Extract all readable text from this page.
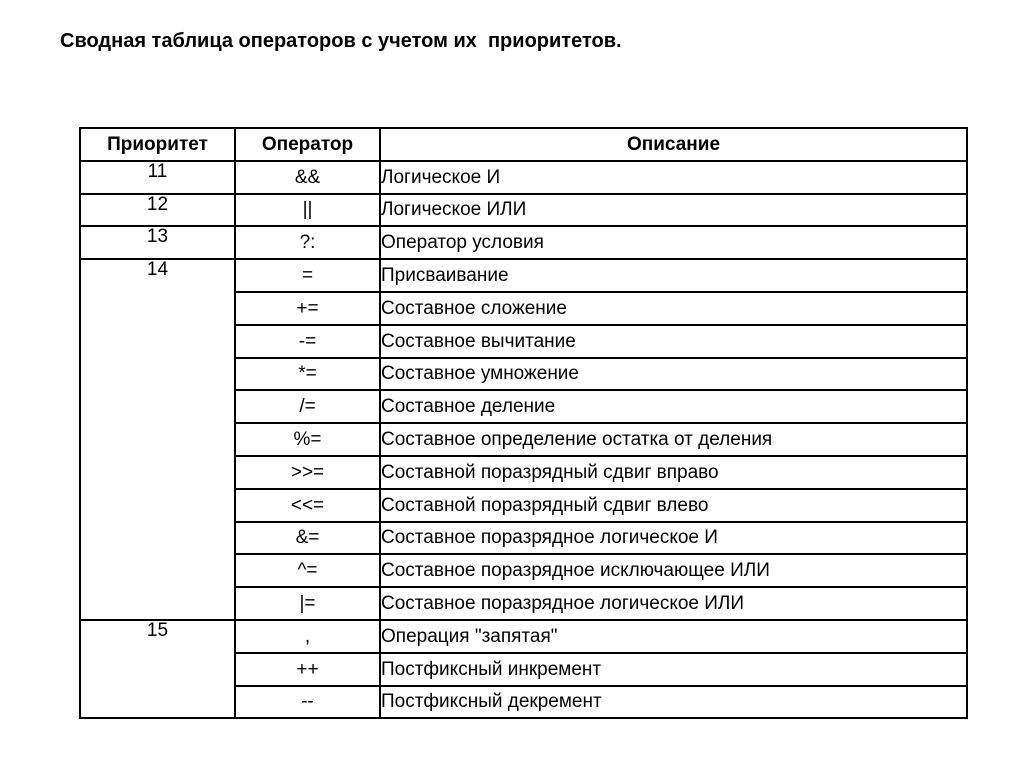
Сводная таблица операторов с учетом их  приоритетов.
Приоритет	Оператор	Описание
11	&&	Логическое И
12	||	Логическое ИЛИ
13	?:	Оператор условия
14	=	Присваивание
	+=	Составное сложение
	-=	Составное вычитание
	*=	Составное умножение
	/=	Составное деление
	%=	Составное определение остатка от деления
	>>=	Составной поразрядный сдвиг вправо
	<<=	Составной поразрядный сдвиг влево
	&=	Составное поразрядное логическое И
	^=	Составное поразрядное исключающее ИЛИ
	|=	Составное поразрядное логическое ИЛИ
15	,	Операция "запятая"
	++	Постфиксный инкремент
	--	Постфиксный декремент
